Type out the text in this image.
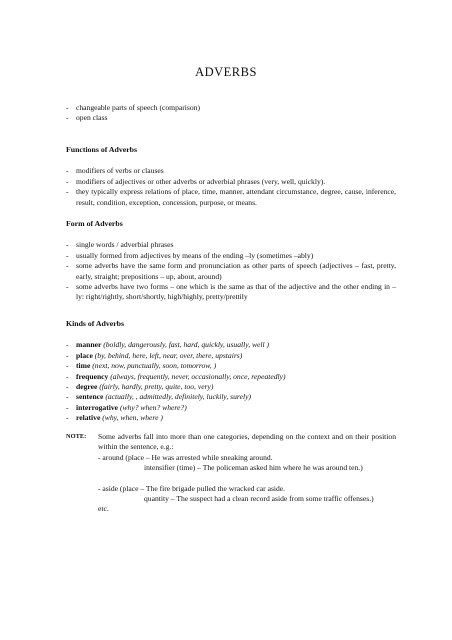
ADVERBS
- changeable parts of speech (comparison)
- open class
Functions of Adverbs
- modifiers of verbs or clauses
- modifiers of adjectives or other adverbs or adverbial phrases (very, well, quickly).
- they typically express relations of place, time, manner, attendant circumstance, degree, cause, inference, result, condition, exception, concession, purpose, or means.
Form of Adverbs
- single words / adverbial phrases
- usually formed from adjectives by means of the ending –ly (sometimes –ably)
- some adverbs have the same form and pronunciation as other parts of speech (adjectives – fast, pretty, early, straight; prepositions – up, about, around)
- some adverbs have two forms – one which is the same as that of the adjective and the other ending in –ly: right/rightly, short/shortly, high/highly, pretty/prettily
Kinds of Adverbs
- manner (boldly, dangerously, fast, hard, quickly, usually, well )
- place (by, behind, here, left, near, over, there, upstairs)
- time (next, now, punctually, soon, tomorrow, )
- frequency (always, frequently, never, occasionally, once, repeatedly)
- degree (fairly, hardly, pretty, quite, too, very)
- sentence (actually, , admittedly, definitely, luckily, surely)
- interrogative (why? when? where?)
- relative (why, when, where )
NOTE: Some adverbs fall into more than one categories, depending on the context and on their position within the sentence, e.g.:
- around (place – He was arrested while sneaking around.
intensifier (time) – The policeman asked him where he was around ten.)
- aside (place – The fire brigade pulled the wracked car aside.
quantity – The suspect had a clean record aside from some traffic offenses.)
etc.
